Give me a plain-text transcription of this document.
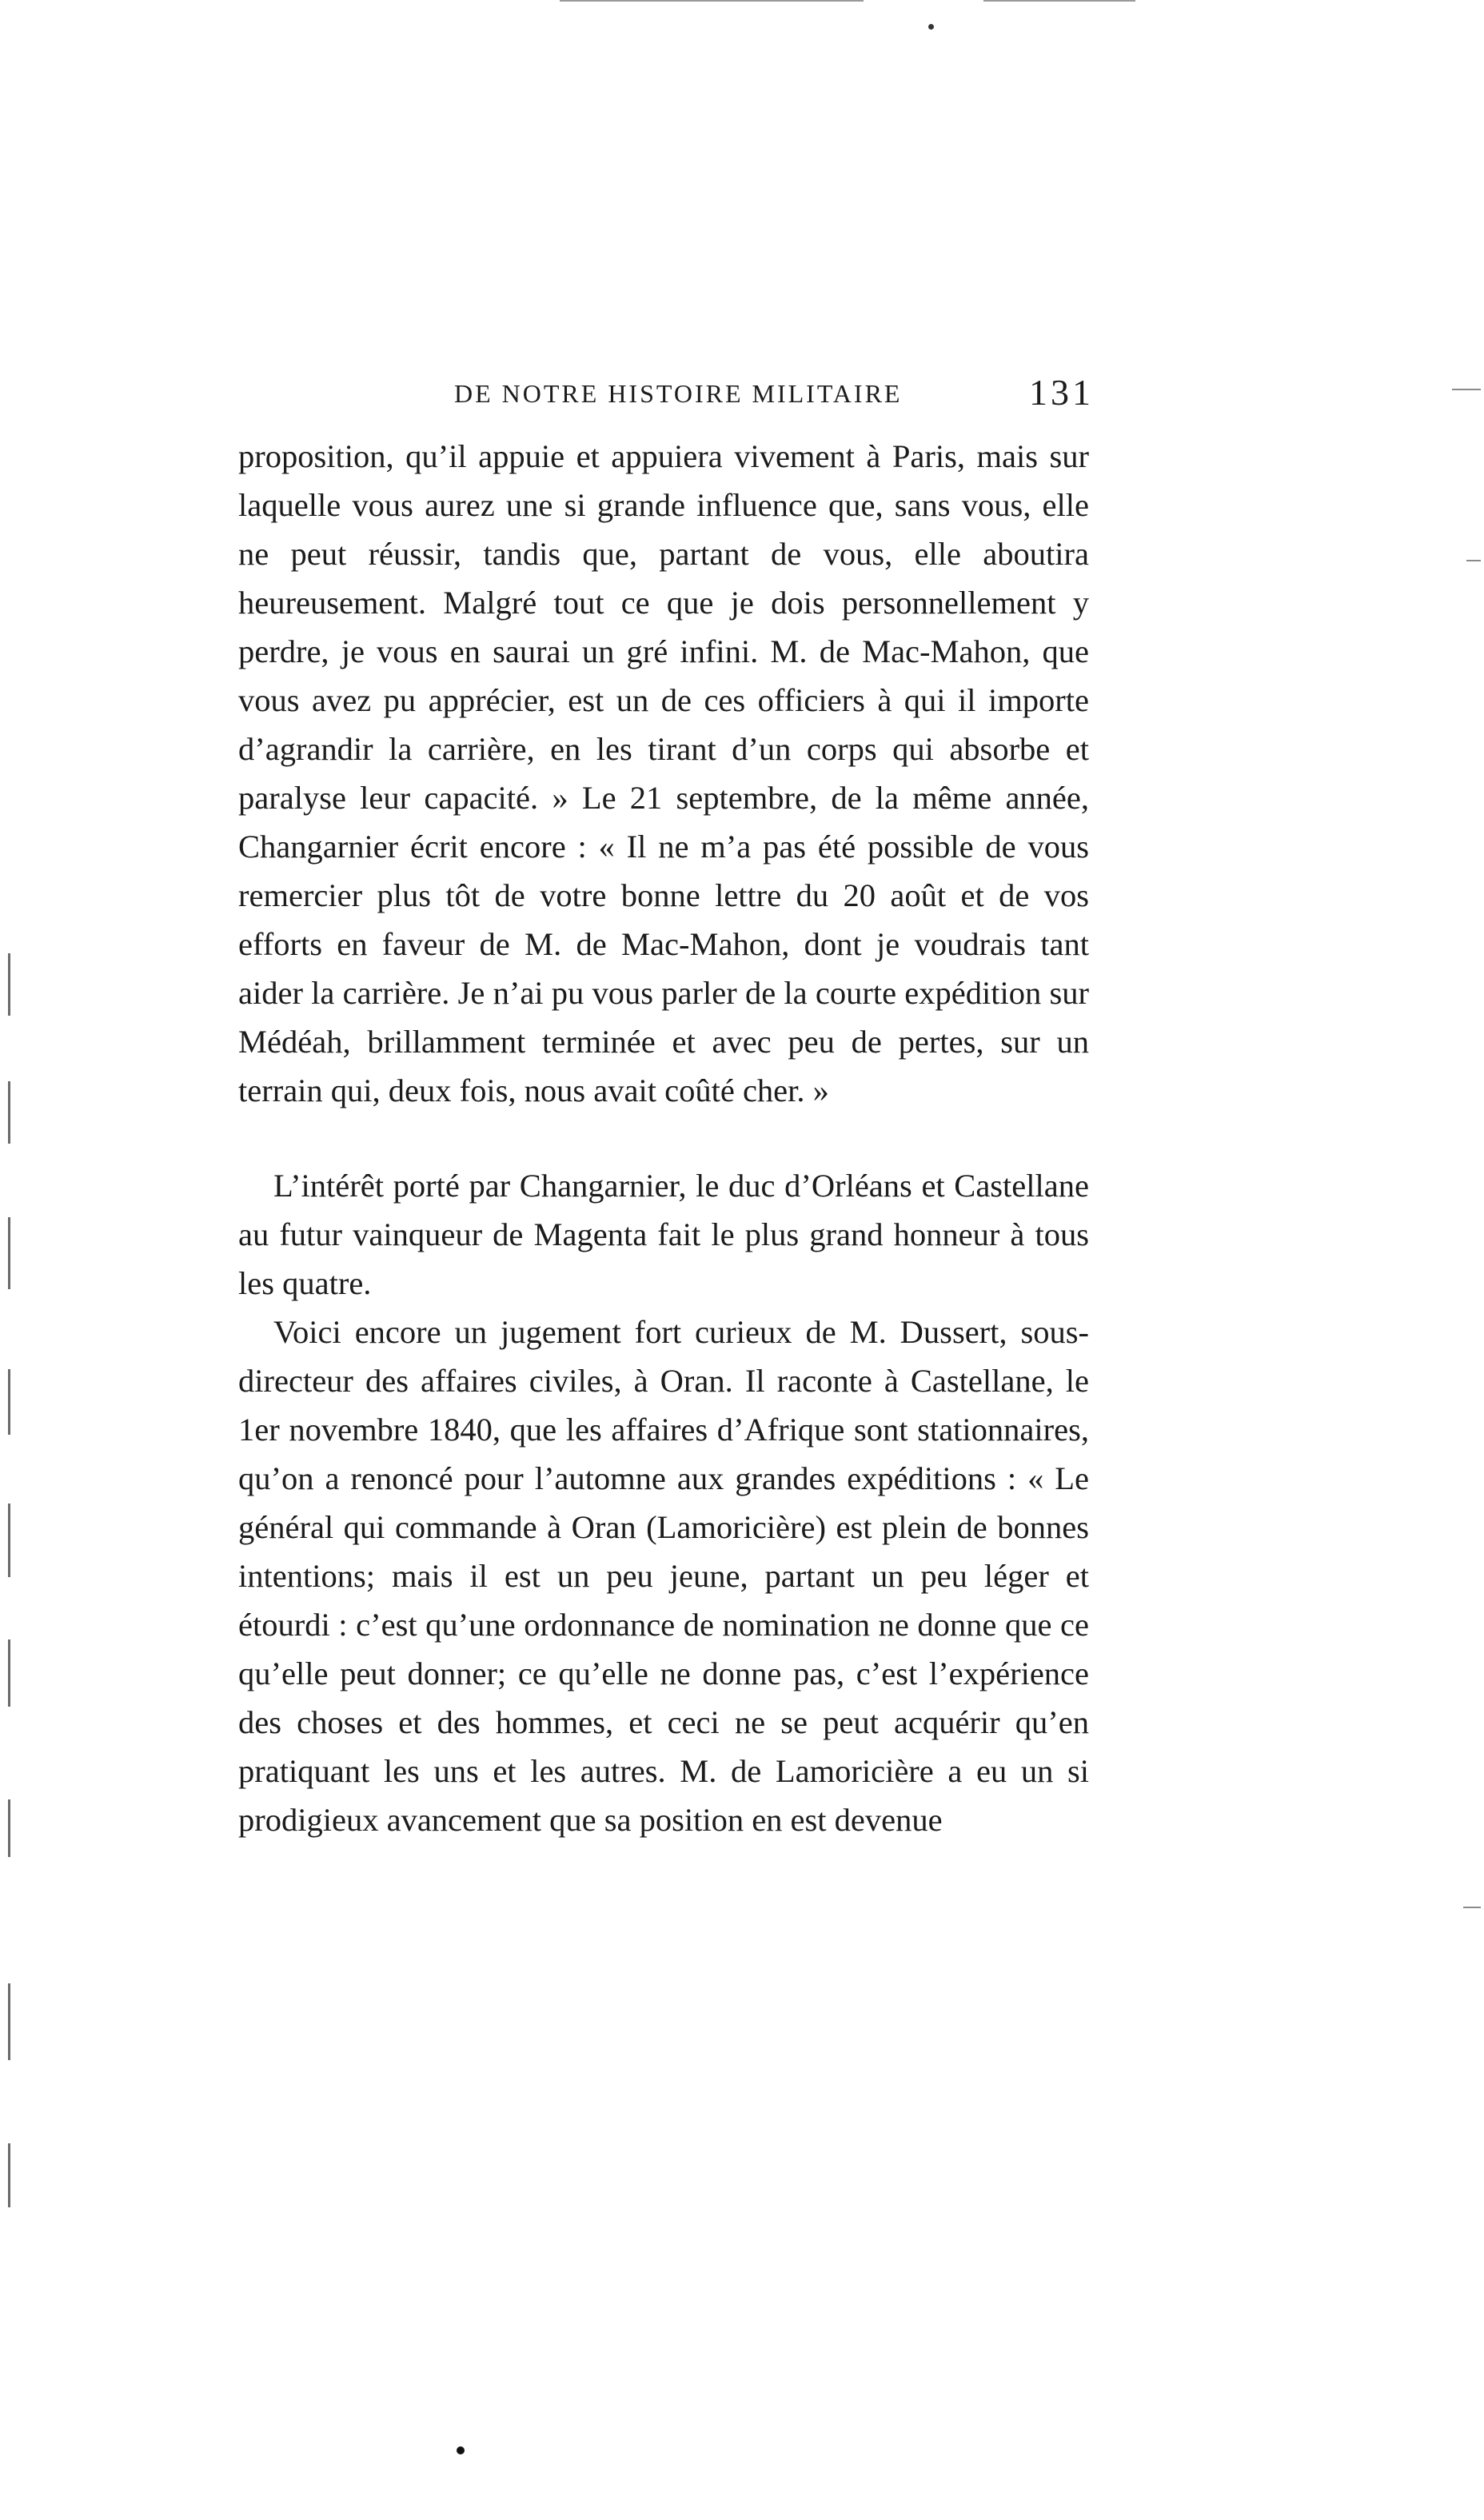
DE NOTRE HISTOIRE MILITAIRE	131

proposition, qu’il appuie et appuiera vivement à Paris, mais sur laquelle vous aurez une si grande influence que, sans vous, elle ne peut réussir, tandis que, partant de vous, elle aboutira heureusement. Malgré tout ce que je dois personnellement y perdre, je vous en saurai un gré infini. M. de Mac-Mahon, que vous avez pu apprécier, est un de ces officiers à qui il importe d’agrandir la carrière, en les tirant d’un corps qui absorbe et paralyse leur capacité. » Le 21 septembre, de la même année, Changarnier écrit encore : « Il ne m’a pas été possible de vous remercier plus tôt de votre bonne lettre du 20 août et de vos efforts en faveur de M. de Mac-Mahon, dont je voudrais tant aider la carrière. Je n’ai pu vous parler de la courte expédition sur Médéah, brillamment terminée et avec peu de pertes, sur un terrain qui, deux fois, nous avait coûté cher. »

L’intérêt porté par Changarnier, le duc d’Orléans et Castellane au futur vainqueur de Magenta fait le plus grand honneur à tous les quatre.

Voici encore un jugement fort curieux de M. Dussert, sous-directeur des affaires civiles, à Oran. Il raconte à Castellane, le 1er novembre 1840, que les affaires d’Afrique sont stationnaires, qu’on a renoncé pour l’automne aux grandes expéditions : « Le général qui commande à Oran (Lamoricière) est plein de bonnes intentions; mais il est un peu jeune, partant un peu léger et étourdi : c’est qu’une ordonnance de nomination ne donne que ce qu’elle peut donner; ce qu’elle ne donne pas, c’est l’expérience des choses et des hommes, et ceci ne se peut acquérir qu’en pratiquant les uns et les autres. M. de Lamoricière a eu un si prodigieux avancement que sa position en est devenue
